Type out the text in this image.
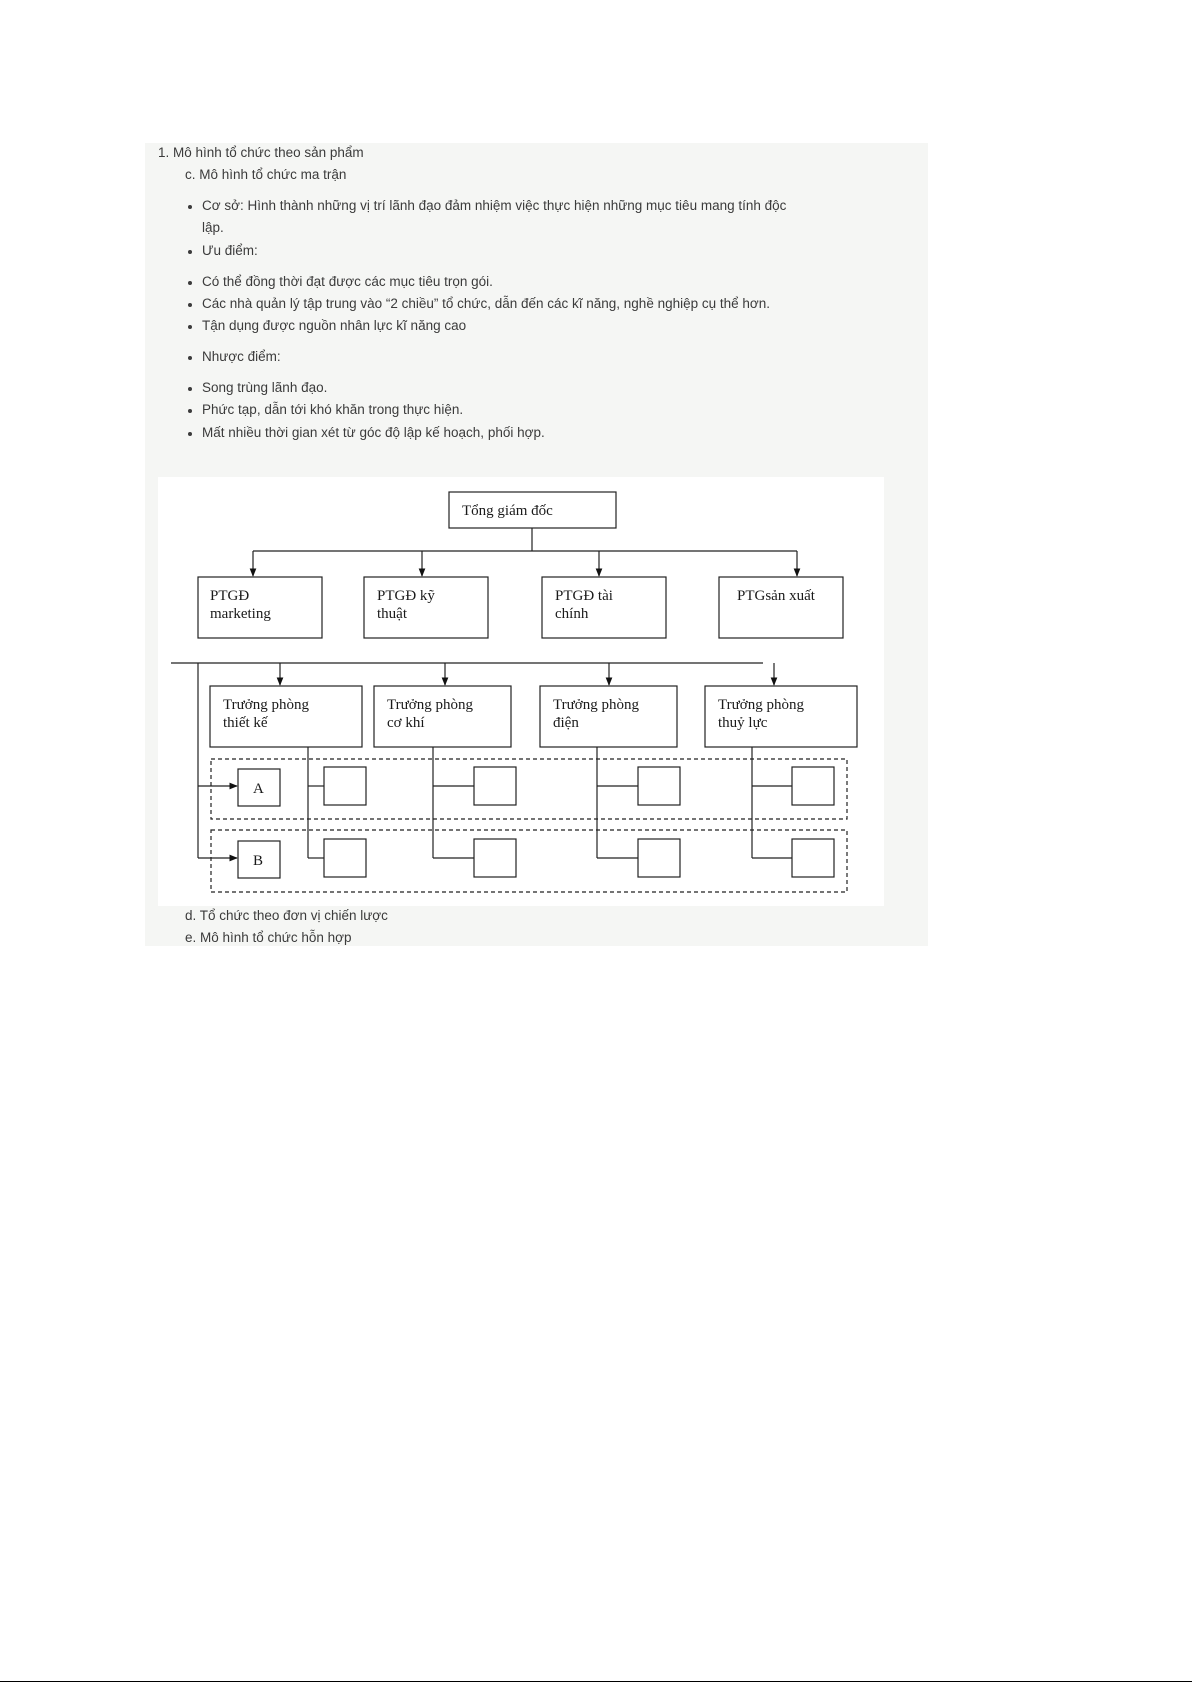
1. Mô hình tổ chức theo sản phẩm
c. Mô hình tổ chức ma trận
Cơ sở: Hình thành những vị trí lãnh đạo đảm nhiệm việc thực hiện những mục tiêu mang tính độc
lập.
Ưu điểm:
Có thể đồng thời đạt được các mục tiêu trọn gói.
Các nhà quản lý tập trung vào “2 chiều” tổ chức, dẫn đến các kĩ năng, nghề nghiệp cụ thể hơn.
Tận dụng được nguồn nhân lực kĩ năng cao
Nhược điểm:
Song trùng lãnh đạo.
Phức tạp, dẫn tới khó khăn trong thực hiện.
Mất nhiều thời gian xét từ góc độ lập kế hoạch, phối hợp.
Tổng giám đốc
PTGĐ
marketing
PTGĐ kỹ
thuật
PTGĐ tài
chính
PTGsản xuất
Trưởng phòng
thiết kế
Trưởng phòng
cơ khí
Trưởng phòng
điện
Trưởng phòng
thuỷ lực
A
B
d. Tổ chức theo đơn vị chiến lược
e. Mô hình tổ chức hỗn hợp
